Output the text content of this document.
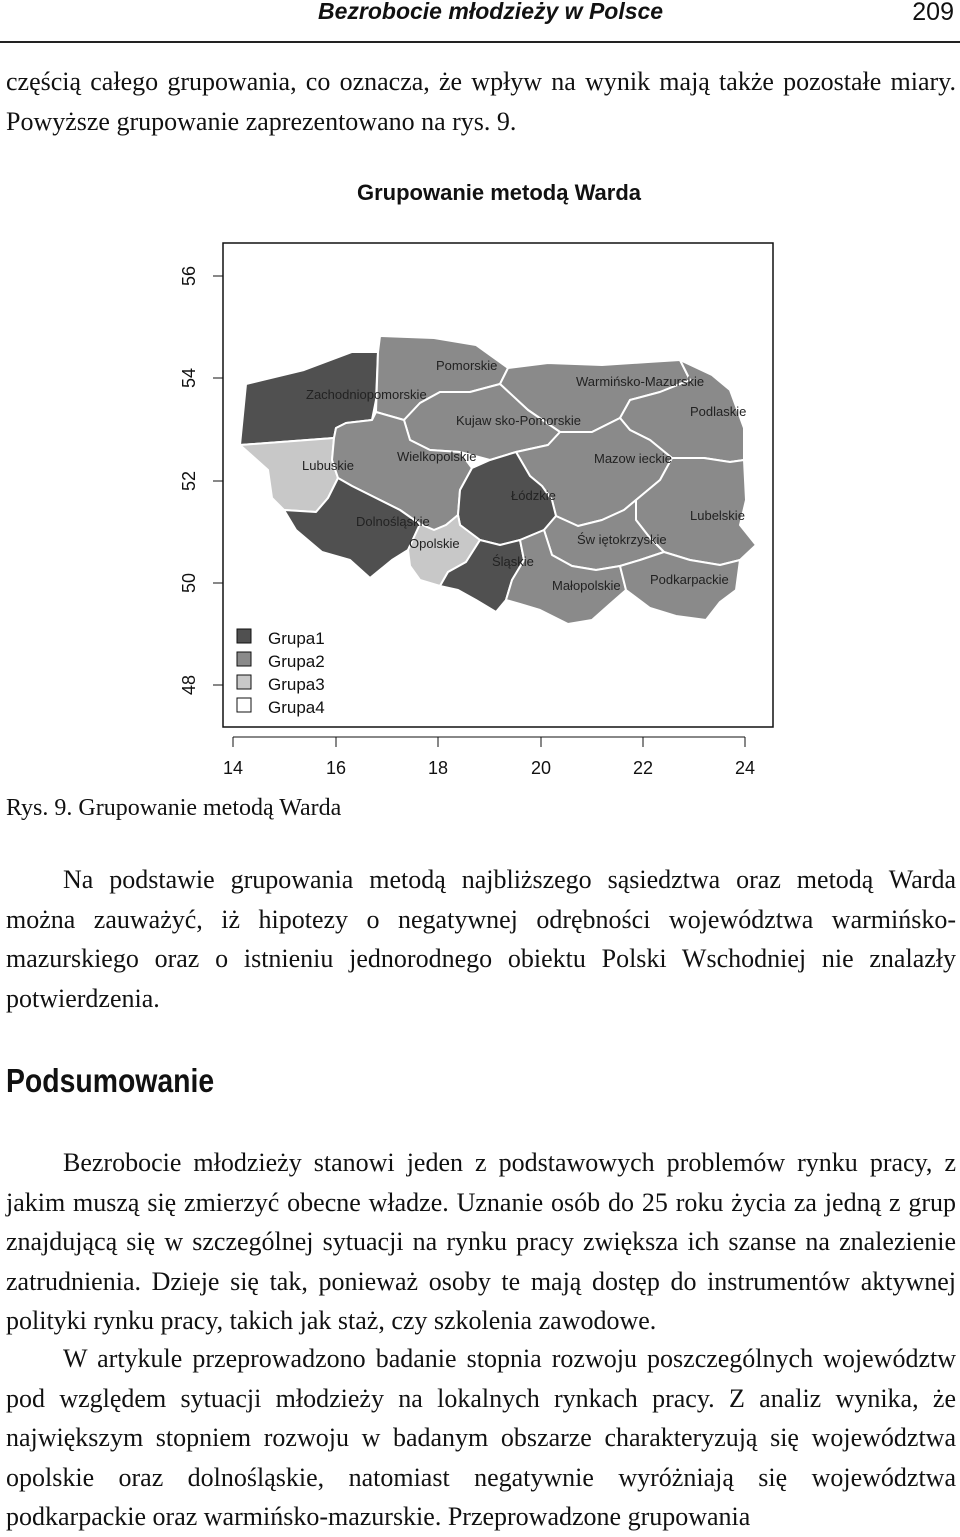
Bezrobocie młodzieży w Polsce	209

częścią całego grupowania, co oznacza, że wpływ na wynik mają także pozostałe miary. Powyższe grupowanie zaprezentowano na rys. 9.

Grupowanie metodą Warda
48
50
52
54
56
14	16	18	20	22	24
Zachodniopomorskie
Pomorskie
Warmińsko-Mazurskie
Podlaskie
Kujaw sko-Pomorskie
Lubuskie
Wielkopolskie	Mazow ieckie
Łódzkie
Lubelskie
Dolnośląskie
Opolskie	Św iętokrzyskie
Śląskie
Małopolskie Podkarpackie
Grupa1
Grupa2
Grupa3
Grupa4
Rys. 9. Grupowanie metodą Warda

Na podstawie grupowania metodą najbliższego sąsiedztwa oraz metodą Warda można zauważyć, iż hipotezy o negatywnej odrębności województwa warmińsko-mazurskiego oraz o istnieniu jednorodnego obiektu Polski Wschodniej nie znalazły potwierdzenia.

Podsumowanie

Bezrobocie młodzieży stanowi jeden z podstawowych problemów rynku pracy, z jakim muszą się zmierzyć obecne władze. Uznanie osób do 25 roku życia za jedną z grup znajdującą się w szczególnej sytuacji na rynku pracy zwiększa ich szanse na znalezienie zatrudnienia. Dzieje się tak, ponieważ osoby te mają dostęp do instrumentów aktywnej polityki rynku pracy, takich jak staż, czy szkolenia zawodowe.

W artykule przeprowadzono badanie stopnia rozwoju poszczególnych województw pod względem sytuacji młodzieży na lokalnych rynkach pracy. Z analiz wynika, że największym stopniem rozwoju w badanym obszarze charakteryzują się województwa opolskie oraz dolnośląskie, natomiast negatywnie wyróżniają się województwa podkarpackie oraz warmińsko-mazurskie. Przeprowadzone grupowania
